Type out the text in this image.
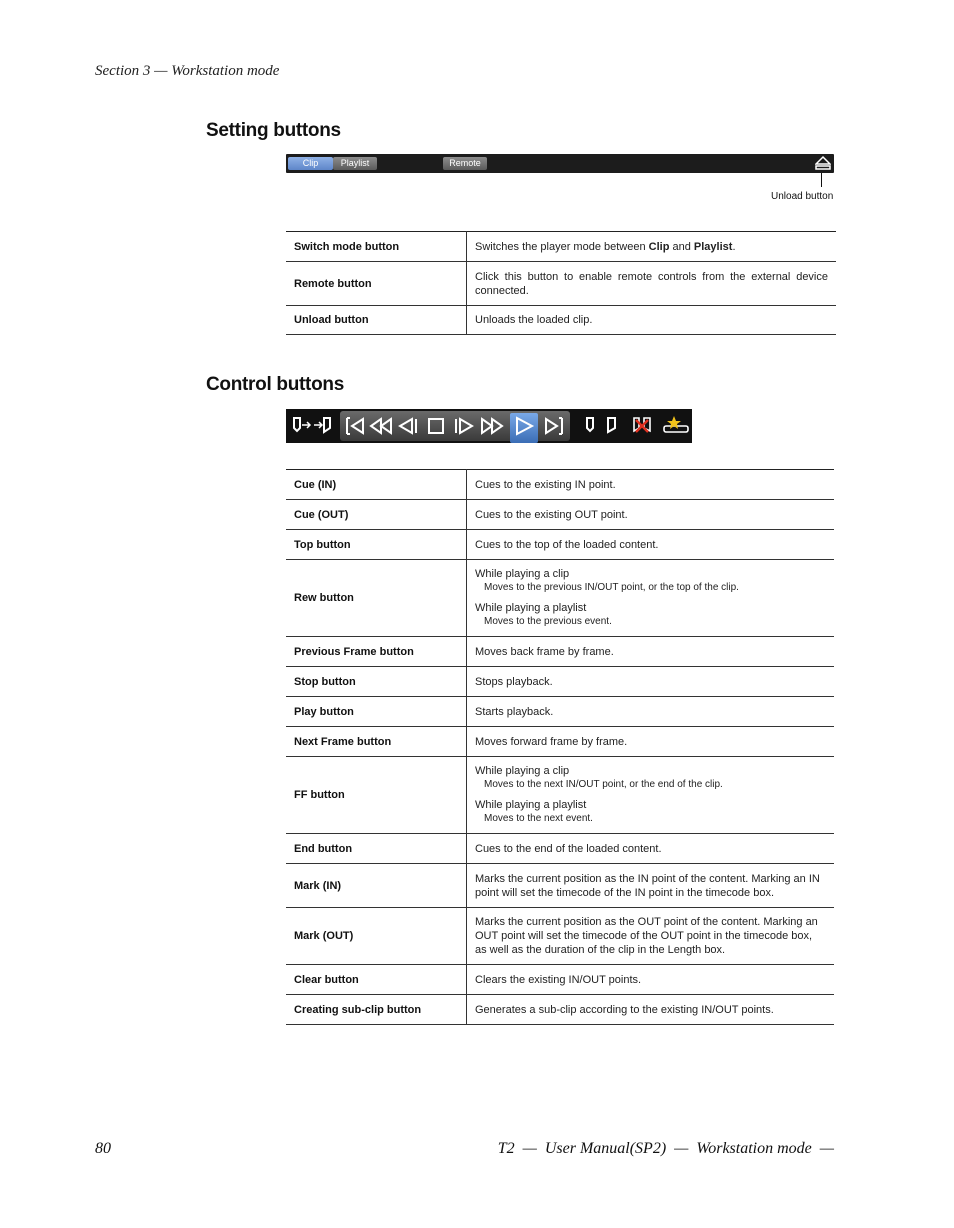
Section 3 — Workstation mode
Setting buttons
Clip	Playlist	Remote
Unload button
Switch mode button	Switches the player mode between Clip and Playlist.
Remote button	Click this button to enable remote controls from the external device connected.
Unload button	Unloads the loaded clip.
Control buttons
Cue (IN)	Cues to the existing IN point.
Cue (OUT)	Cues to the existing OUT point.
Top button	Cues to the top of the loaded content.
Rew button	While playing a clip
Moves to the previous IN/OUT point, or the top of the clip.
While playing a playlist
Moves to the previous event.

Previous Frame button	Moves back frame by frame.
Stop button	Stops playback.
Play button	Starts playback.
Next Frame button	Moves forward frame by frame.
FF button	While playing a clip
Moves to the next IN/OUT point, or the end of the clip.
While playing a playlist
Moves to the next event.

End button	Cues to the end of the loaded content.
Mark (IN)	Marks the current position as the IN point of the content. Marking an IN point will set the timecode of the IN point in the timecode box.
Mark (OUT)	Marks the current position as the OUT point of the content. Marking an OUT point will set the timecode of the OUT point in the timecode box, as well as the duration of the clip in the Length box.
Clear button	Clears the existing IN/OUT points.
Creating sub-clip button	Generates a sub-clip according to the existing IN/OUT points.
80	T2  —  User Manual(SP2)  —  Workstation mode  —
